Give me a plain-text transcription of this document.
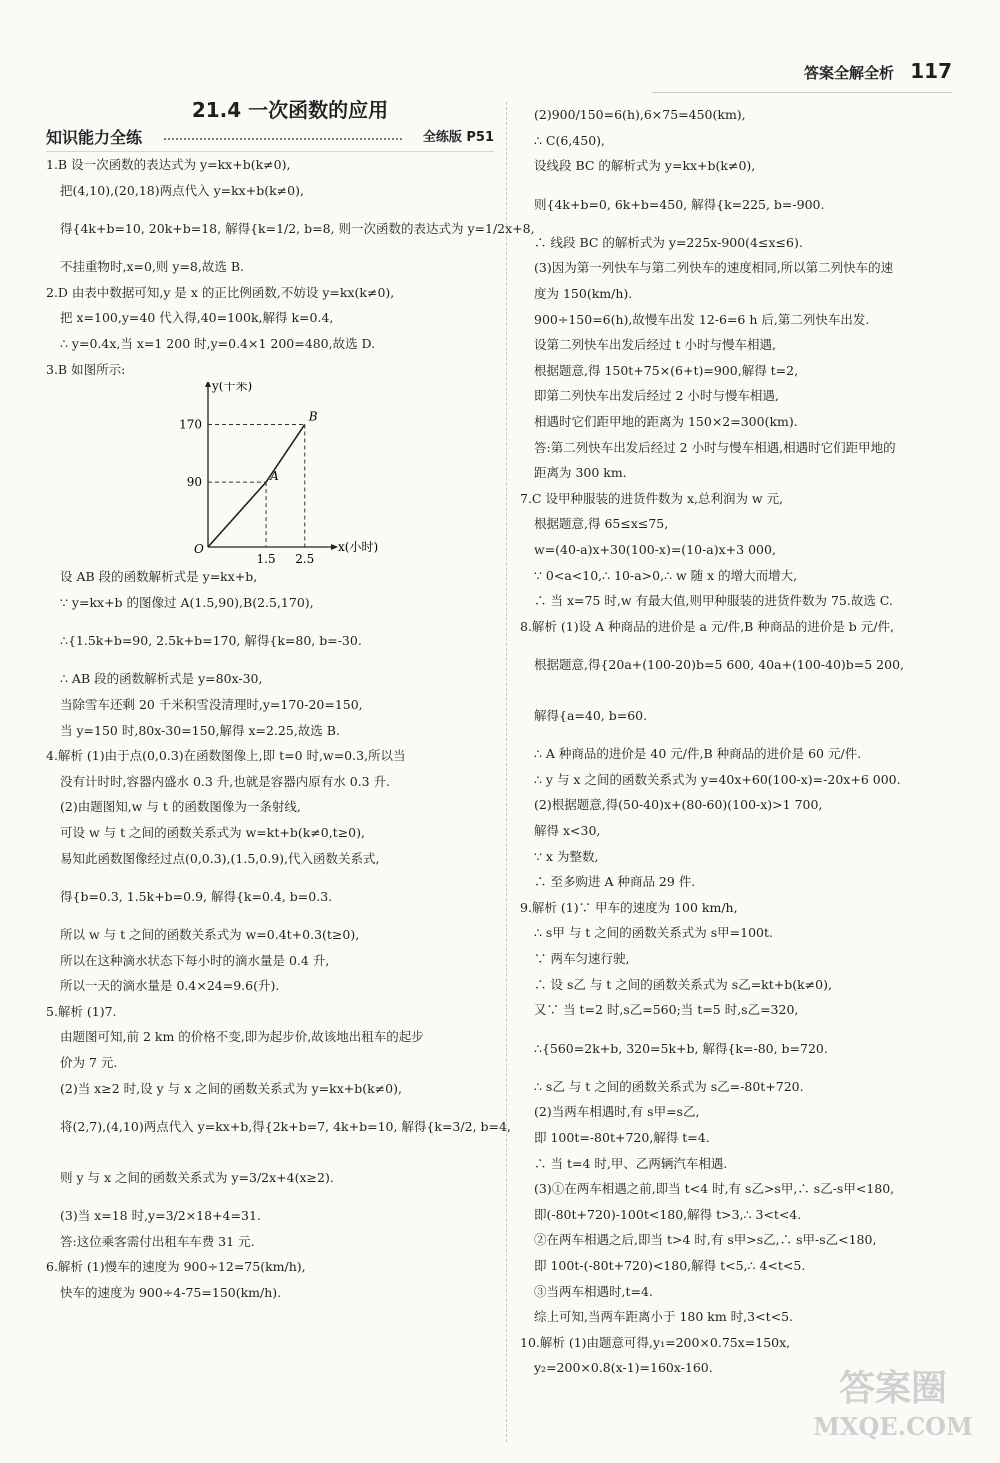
答案全解全析 117
21.4 一次函数的应用
知识能力全练	全练版 P51
1.B 设一次函数的表达式为 y=kx+b(k≠0),
把(4,10),(20,18)两点代入 y=kx+b(k≠0),
得{4k+b=10, 20k+b=18, 解得{k=1/2, b=8, 则一次函数的表达式为 y=1/2x+8,
不挂重物时,x=0,则 y=8,故选 B.
2.D 由表中数据可知,y 是 x 的正比例函数,不妨设 y=kx(k≠0),
把 x=100,y=40 代入得,40=100k,解得 k=0.4,
∴ y=0.4x,当 x=1 200 时,y=0.4×1 200=480,故选 D.
3.B 如图所示:
x(小时)
y(千米)
O
A
B
1.5 2.5
90
170
设 AB 段的函数解析式是 y=kx+b,
∵ y=kx+b 的图像过 A(1.5,90),B(2.5,170),
∴{1.5k+b=90, 2.5k+b=170, 解得{k=80, b=-30.
∴ AB 段的函数解析式是 y=80x-30,
当除雪车还剩 20 千米积雪没清理时,y=170-20=150,
当 y=150 时,80x-30=150,解得 x=2.25,故选 B.
4.解析 (1)由于点(0,0.3)在函数图像上,即 t=0 时,w=0.3,所以当
没有计时时,容器内盛水 0.3 升,也就是容器内原有水 0.3 升.
(2)由题图知,w 与 t 的函数图像为一条射线,
可设 w 与 t 之间的函数关系式为 w=kt+b(k≠0,t≥0),
易知此函数图像经过点(0,0.3),(1.5,0.9),代入函数关系式,
得{b=0.3, 1.5k+b=0.9, 解得{k=0.4, b=0.3.
所以 w 与 t 之间的函数关系式为 w=0.4t+0.3(t≥0),
所以在这种滴水状态下每小时的滴水量是 0.4 升,
所以一天的滴水量是 0.4×24=9.6(升).
5.解析 (1)7.
由题图可知,前 2 km 的价格不变,即为起步价,故该地出租车的起步
价为 7 元.
(2)当 x≥2 时,设 y 与 x 之间的函数关系式为 y=kx+b(k≠0),
将(2,7),(4,10)两点代入 y=kx+b,得{2k+b=7, 4k+b=10, 解得{k=3/2, b=4,
则 y 与 x 之间的函数关系式为 y=3/2x+4(x≥2).
(3)当 x=18 时,y=3/2×18+4=31.
答:这位乘客需付出租车车费 31 元.
6.解析 (1)慢车的速度为 900÷12=75(km/h),
快车的速度为 900÷4-75=150(km/h).
(2)900/150=6(h),6×75=450(km),
∴ C(6,450),
设线段 BC 的解析式为 y=kx+b(k≠0),
则{4k+b=0, 6k+b=450, 解得{k=225, b=-900.
∴ 线段 BC 的解析式为 y=225x-900(4≤x≤6).
(3)因为第一列快车与第二列快车的速度相同,所以第二列快车的速
度为 150(km/h).
900÷150=6(h),故慢车出发 12-6=6 h 后,第二列快车出发.
设第二列快车出发后经过 t 小时与慢车相遇,
根据题意,得 150t+75×(6+t)=900,解得 t=2,
即第二列快车出发后经过 2 小时与慢车相遇,
相遇时它们距甲地的距离为 150×2=300(km).
答:第二列快车出发后经过 2 小时与慢车相遇,相遇时它们距甲地的
距离为 300 km.
7.C 设甲种服装的进货件数为 x,总利润为 w 元,
根据题意,得 65≤x≤75,
w=(40-a)x+30(100-x)=(10-a)x+3 000,
∵ 0<a<10,∴ 10-a>0,∴ w 随 x 的增大而增大,
∴ 当 x=75 时,w 有最大值,则甲种服装的进货件数为 75.故选 C.
8.解析 (1)设 A 种商品的进价是 a 元/件,B 种商品的进价是 b 元/件,
根据题意,得{20a+(100-20)b=5 600, 40a+(100-40)b=5 200,
解得{a=40, b=60.
∴ A 种商品的进价是 40 元/件,B 种商品的进价是 60 元/件.
∴ y 与 x 之间的函数关系式为 y=40x+60(100-x)=-20x+6 000.
(2)根据题意,得(50-40)x+(80-60)(100-x)>1 700,
解得 x<30,
∵ x 为整数,
∴ 至多购进 A 种商品 29 件.
9.解析 (1)∵ 甲车的速度为 100 km/h,
∴ s甲 与 t 之间的函数关系式为 s甲=100t.
∵ 两车匀速行驶,
∴ 设 s乙 与 t 之间的函数关系式为 s乙=kt+b(k≠0),
又∵ 当 t=2 时,s乙=560;当 t=5 时,s乙=320,
∴{560=2k+b, 320=5k+b, 解得{k=-80, b=720.
∴ s乙 与 t 之间的函数关系式为 s乙=-80t+720.
(2)当两车相遇时,有 s甲=s乙,
即 100t=-80t+720,解得 t=4.
∴ 当 t=4 时,甲、乙两辆汽车相遇.
(3)①在两车相遇之前,即当 t<4 时,有 s乙>s甲,∴ s乙-s甲<180,
即(-80t+720)-100t<180,解得 t>3,∴ 3<t<4.
②在两车相遇之后,即当 t>4 时,有 s甲>s乙,∴ s甲-s乙<180,
即 100t-(-80t+720)<180,解得 t<5,∴ 4<t<5.
③当两车相遇时,t=4.
综上可知,当两车距离小于 180 km 时,3<t<5.
10.解析 (1)由题意可得,y₁=200×0.75x=150x,
y₂=200×0.8(x-1)=160x-160.	答案圈
MXQE.COM
